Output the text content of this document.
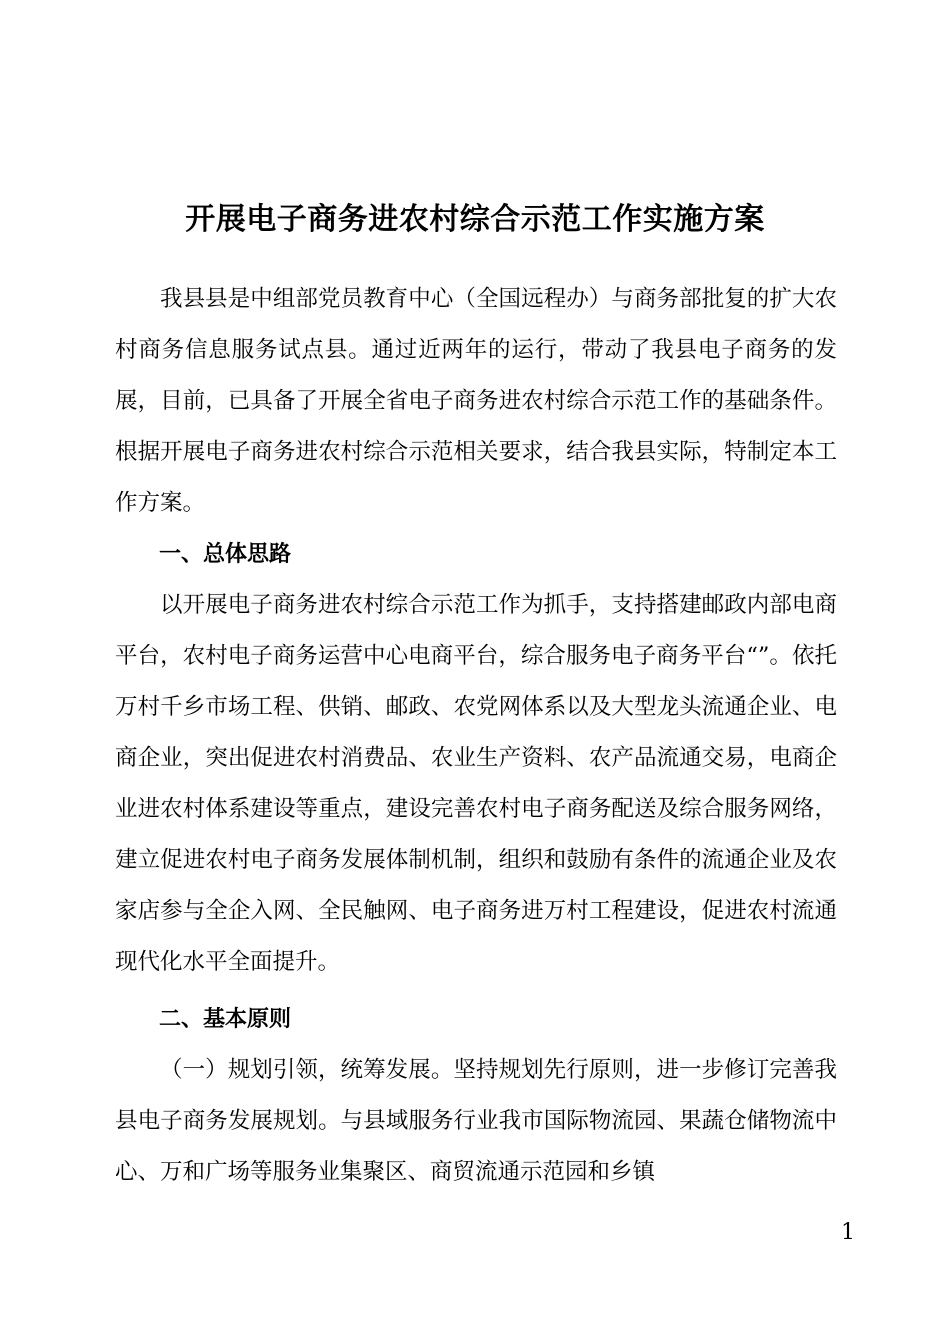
开展电子商务进农村综合示范工作实施方案

我县县是中组部党员教育中心（全国远程办）与商务部批复的扩大农村商务信息服务试点县。通过近两年的运行，带动了我县电子商务的发展，目前，已具备了开展全省电子商务进农村综合示范工作的基础条件。根据开展电子商务进农村综合示范相关要求，结合我县实际，特制定本工作方案。

一、总体思路

以开展电子商务进农村综合示范工作为抓手，支持搭建邮政内部电商平台，农村电子商务运营中心电商平台，综合服务电子商务平台“”。依托万村千乡市场工程、供销、邮政、农党网体系以及大型龙头流通企业、电商企业，突出促进农村消费品、农业生产资料、农产品流通交易，电商企业进农村体系建设等重点，建设完善农村电子商务配送及综合服务网络，建立促进农村电子商务发展体制机制，组织和鼓励有条件的流通企业及农家店参与全企入网、全民触网、电子商务进万村工程建设，促进农村流通现代化水平全面提升。

二、基本原则

（一）规划引领，统筹发展。坚持规划先行原则，进一步修订完善我县电子商务发展规划。与县域服务行业我市国际物流园、果蔬仓储物流中心、万和广场等服务业集聚区、商贸流通示范园和乡镇

1
